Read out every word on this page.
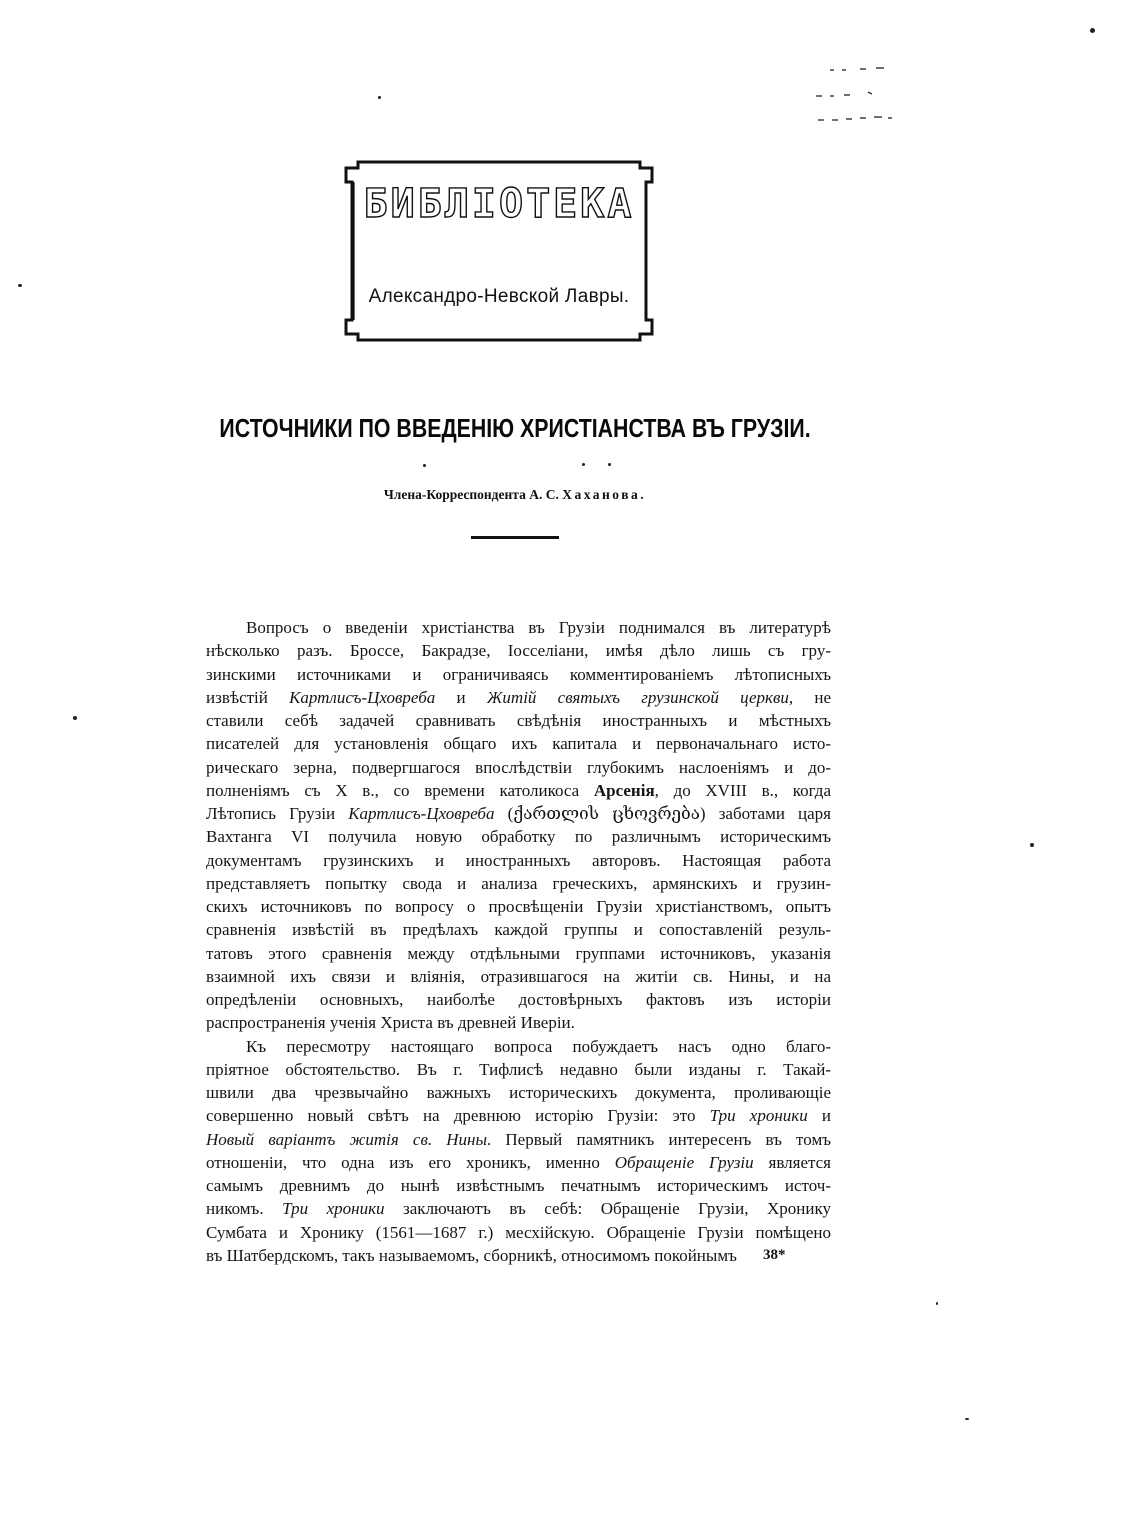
БИБЛІОТЕКА
Александро-Невской Лавры.
ИСТОЧНИКИ ПО ВВЕДЕНІЮ ХРИСТІАНСТВА ВЪ ГРУЗІИ.
Члена-Корреспондента А. С. Хаханова.
Вопросъ о введеніи христіанства въ Грузіи поднимался въ литературѣ
нѣсколько разъ. Броссе, Бакрадзе, Іосселіани, имѣя дѣло лишь съ гру-
зинскими источниками и ограничиваясь комментированіемъ лѣтописныхъ
извѣстій Картлисъ-Цховреба и Житій святыхъ грузинской церкви, не
ставили себѣ задачей сравнивать свѣдѣнія иностранныхъ и мѣстныхъ
писателей для установленія общаго ихъ капитала и первоначальнаго исто-
рическаго зерна, подвергшагося впослѣдствіи глубокимъ наслоеніямъ и до-
полненіямъ съ X в., со времени католикоса Арсенія, до XVIII в., когда
Лѣтопись Грузіи Картлисъ-Цховреба (ქართლის ცხოვრება) заботами царя
Вахтанга VI получила новую обработку по различнымъ историческимъ
документамъ грузинскихъ и иностранныхъ авторовъ. Настоящая работа
представляетъ попытку свода и анализа греческихъ, армянскихъ и грузин-
скихъ источниковъ по вопросу о просвѣщеніи Грузіи христіанствомъ, опытъ
сравненія извѣстій въ предѣлахъ каждой группы и сопоставленій резуль-
татовъ этого сравненія между отдѣльными группами источниковъ, указанія
взаимной ихъ связи и вліянія, отразившагося на житіи св. Нины, и на
опредѣленіи основныхъ, наиболѣе достовѣрныхъ фактовъ изъ исторіи
распространенія ученія Христа въ древней Иверіи.
Къ пересмотру настоящаго вопроса побуждаетъ насъ одно благо-
пріятное обстоятельство. Въ г. Тифлисѣ недавно были изданы г. Такай-
швили два чрезвычайно важныхъ историческихъ документа, проливающіе
совершенно новый свѣтъ на древнюю исторію Грузіи: это Три хроники и
Новый варіантъ житія св. Нины. Первый памятникъ интересенъ въ томъ
отношеніи, что одна изъ его хроникъ, именно Обращеніе Грузіи является
самымъ древнимъ до нынѣ извѣстнымъ печатнымъ историческимъ источ-
никомъ. Три хроники заключаютъ въ себѣ: Обращеніе Грузіи, Хронику
Сумбата и Хронику (1561—1687 г.) месхійскую. Обращеніе Грузіи помѣщено
въ Шатбердскомъ, такъ называемомъ, сборникѣ, относимомъ покойнымъ	38*
